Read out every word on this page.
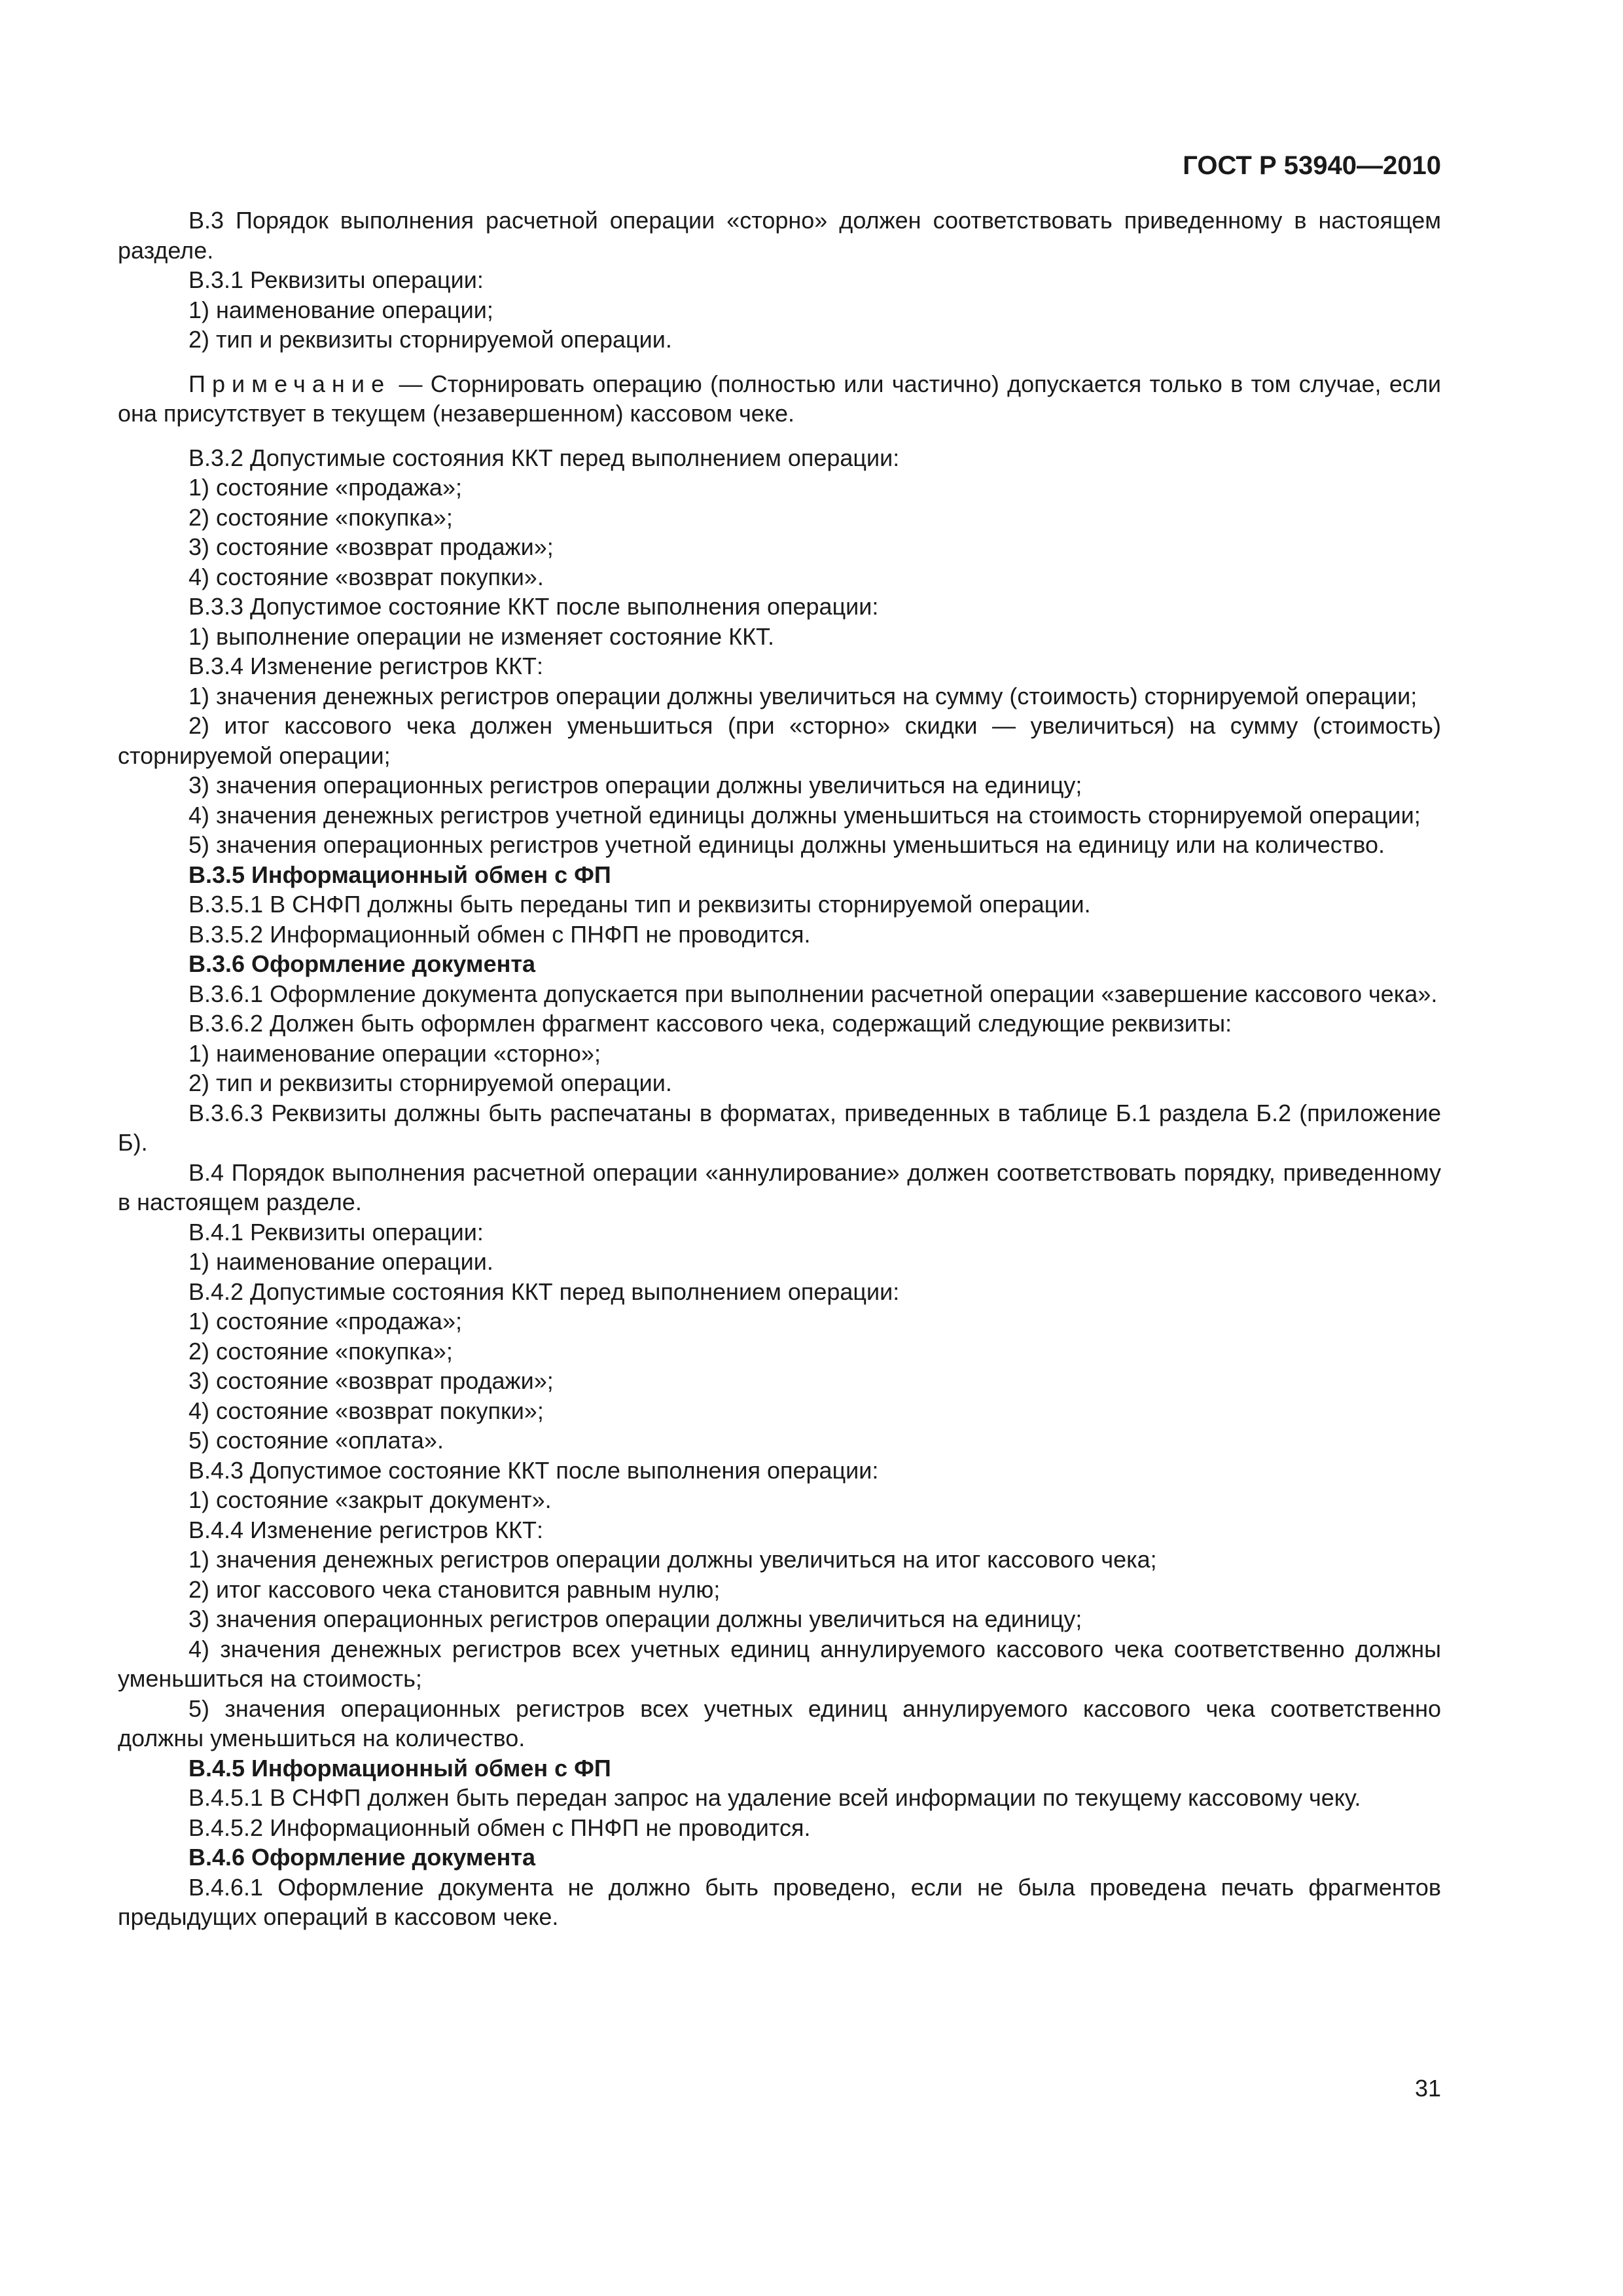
ГОСТ Р 53940—2010

В.3 Порядок выполнения расчетной операции «сторно» должен соответствовать приведенному в настоящем разделе.

В.3.1 Реквизиты операции:

1) наименование операции;

2) тип и реквизиты сторнируемой операции.

Примечание — Сторнировать операцию (полностью или частично) допускается только в том случае, если она присутствует в текущем (незавершенном) кассовом чеке.

В.3.2 Допустимые состояния ККТ перед выполнением операции:

1) состояние «продажа»;

2) состояние «покупка»;

3) состояние «возврат продажи»;

4) состояние «возврат покупки».

В.3.3 Допустимое состояние ККТ после выполнения операции:

1) выполнение операции не изменяет состояние ККТ.

В.3.4 Изменение регистров ККТ:

1) значения денежных регистров операции должны увеличиться на сумму (стоимость) сторнируемой операции;

2) итог кассового чека должен уменьшиться (при «сторно» скидки — увеличиться) на сумму (стоимость) сторнируемой операции;

3) значения операционных регистров операции должны увеличиться на единицу;

4) значения денежных регистров учетной единицы должны уменьшиться на стоимость сторнируемой операции;

5) значения операционных регистров учетной единицы должны уменьшиться на единицу или на количество.

В.3.5 Информационный обмен с ФП

В.3.5.1 В СНФП должны быть переданы тип и реквизиты сторнируемой операции.

В.3.5.2 Информационный обмен с ПНФП не проводится.

В.3.6 Оформление документа

В.3.6.1 Оформление документа допускается при выполнении расчетной операции «завершение кассового чека».

В.3.6.2 Должен быть оформлен фрагмент кассового чека, содержащий следующие реквизиты:

1) наименование операции «сторно»;

2) тип и реквизиты сторнируемой операции.

В.3.6.3 Реквизиты должны быть распечатаны в форматах, приведенных в таблице Б.1 раздела Б.2 (приложение Б).

В.4 Порядок выполнения расчетной операции «аннулирование» должен соответствовать порядку, приведенному в настоящем разделе.

В.4.1 Реквизиты операции:

1) наименование операции.

В.4.2 Допустимые состояния ККТ перед выполнением операции:

1) состояние «продажа»;

2) состояние «покупка»;

3) состояние «возврат продажи»;

4) состояние «возврат покупки»;

5) состояние «оплата».

В.4.3 Допустимое состояние ККТ после выполнения операции:

1) состояние «закрыт документ».

В.4.4 Изменение регистров ККТ:

1) значения денежных регистров операции должны увеличиться на итог кассового чека;

2) итог кассового чека становится равным нулю;

3) значения операционных регистров операции должны увеличиться на единицу;

4) значения денежных регистров всех учетных единиц аннулируемого кассового чека соответственно должны уменьшиться на стоимость;

5) значения операционных регистров всех учетных единиц аннулируемого кассового чека соответственно должны уменьшиться на количество.

В.4.5 Информационный обмен с ФП

В.4.5.1 В СНФП должен быть передан запрос на удаление всей информации по текущему кассовому чеку.

В.4.5.2 Информационный обмен с ПНФП не проводится.

В.4.6 Оформление документа

В.4.6.1 Оформление документа не должно быть проведено, если не была проведена печать фрагментов предыдущих операций в кассовом чеке.

31
